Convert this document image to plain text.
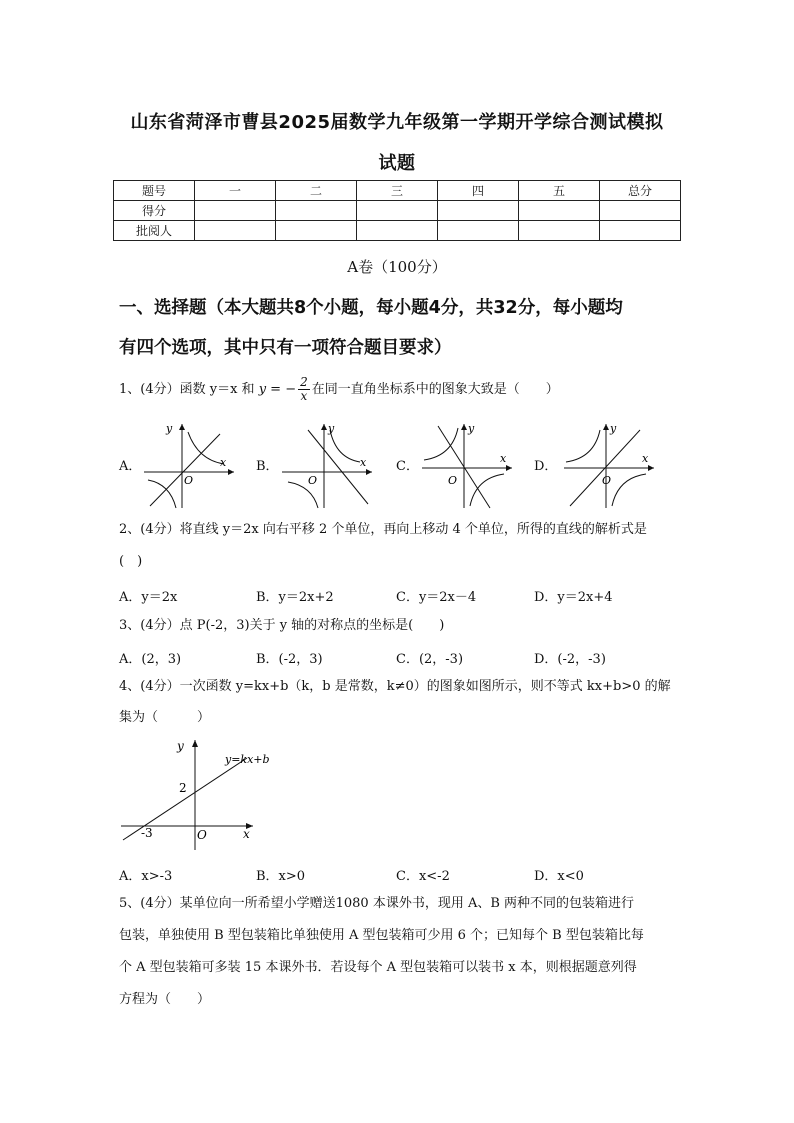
山东省菏泽市曹县2025届数学九年级第一学期开学综合测试模拟
试题
题号	一	二	三	四	五	总分
得分						
批阅人						
A卷（100分）
一、选择题（本大题共8个小题，每小题4分，共32分，每小题均
有四个选项，其中只有一项符合题目要求）
1、(4分）函数 y＝x 和 y = − $\frac{2}{x}$ 在同一直角坐标系中的图象大致是（　　）
A．
y
x
O
B．
y
x
O
C．
y
x
O
D．
y
x
O
2、(4分）将直线 y＝2x 向右平移 2 个单位，再向上移动 4 个单位，所得的直线的解析式是
(　)
A．y＝2x	B．y＝2x+2	C．y＝2x－4	D．y＝2x+4
3、(4分）点 P(-2，3)关于 y 轴的对称点的坐标是(　　)
A．(2，3)	B．(-2，3)	C．(2，-3)	D．(-2，-3)
4、(4分）一次函数 y=kx+b（k，b 是常数，k≠0）的图象如图所示，则不等式 kx+b>0 的解
集为（　　　）
y
x
O
2
-3
y=kx+b
A．x>-3	B．x>0	C．x<-2	D．x<0
5、(4分）某单位向一所希望小学赠送1080 本课外书，现用 A、B 两种不同的包装箱进行
包装，单独使用 B 型包装箱比单独使用 A 型包装箱可少用 6 个；已知每个 B 型包装箱比每
个 A 型包装箱可多装 15 本课外书．若设每个 A 型包装箱可以装书 x 本，则根据题意列得
方程为（　　）
